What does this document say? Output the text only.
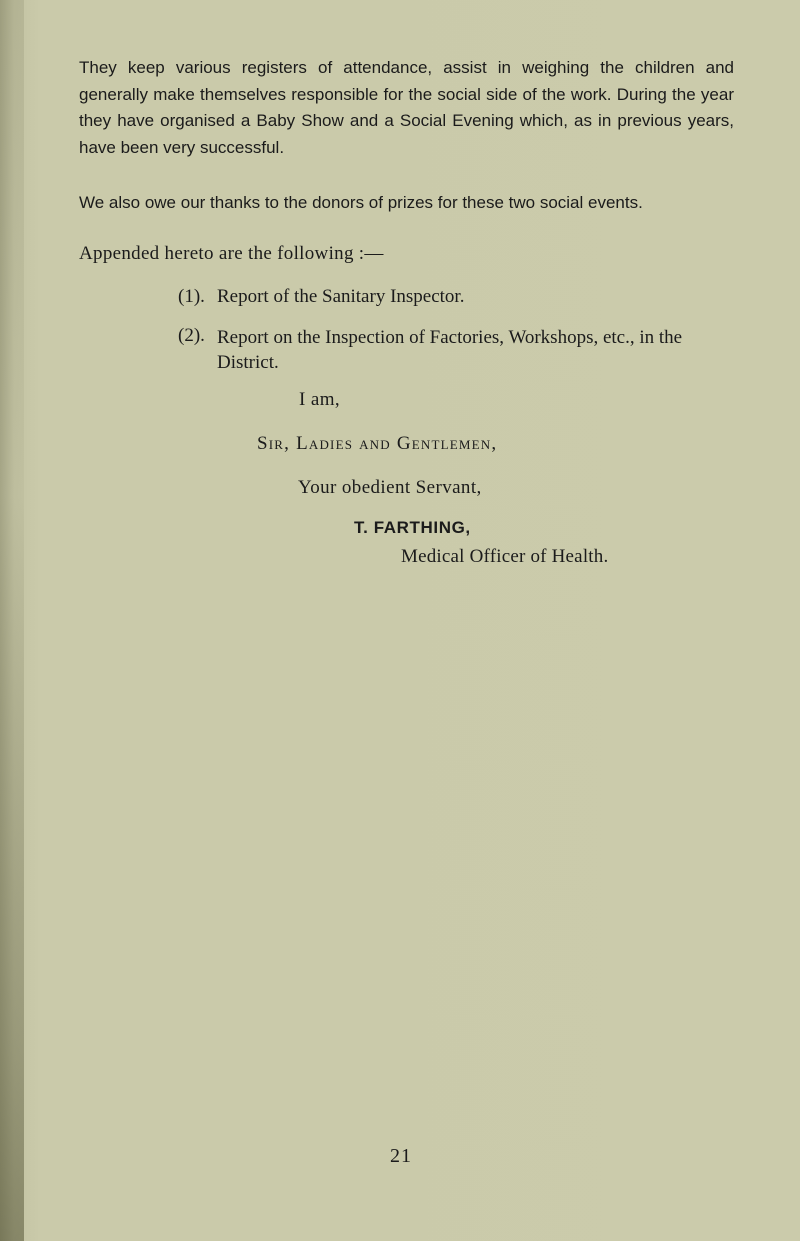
They keep various registers of attendance, assist in weighing the children and generally make themselves responsible for the social side of the work. During the year they have organised a Baby Show and a Social Evening which, as in previous years, have been very successful.

We also owe our thanks to the donors of prizes for these two social events.

Appended hereto are the following :—
(1). Report of the Sanitary Inspector.
(2). Report on the Inspection of Factories, Workshops, etc., in the District.
I am,
Sir, Ladies and Gentlemen,
Your obedient Servant,
T. FARTHING,
Medical Officer of Health.
21
